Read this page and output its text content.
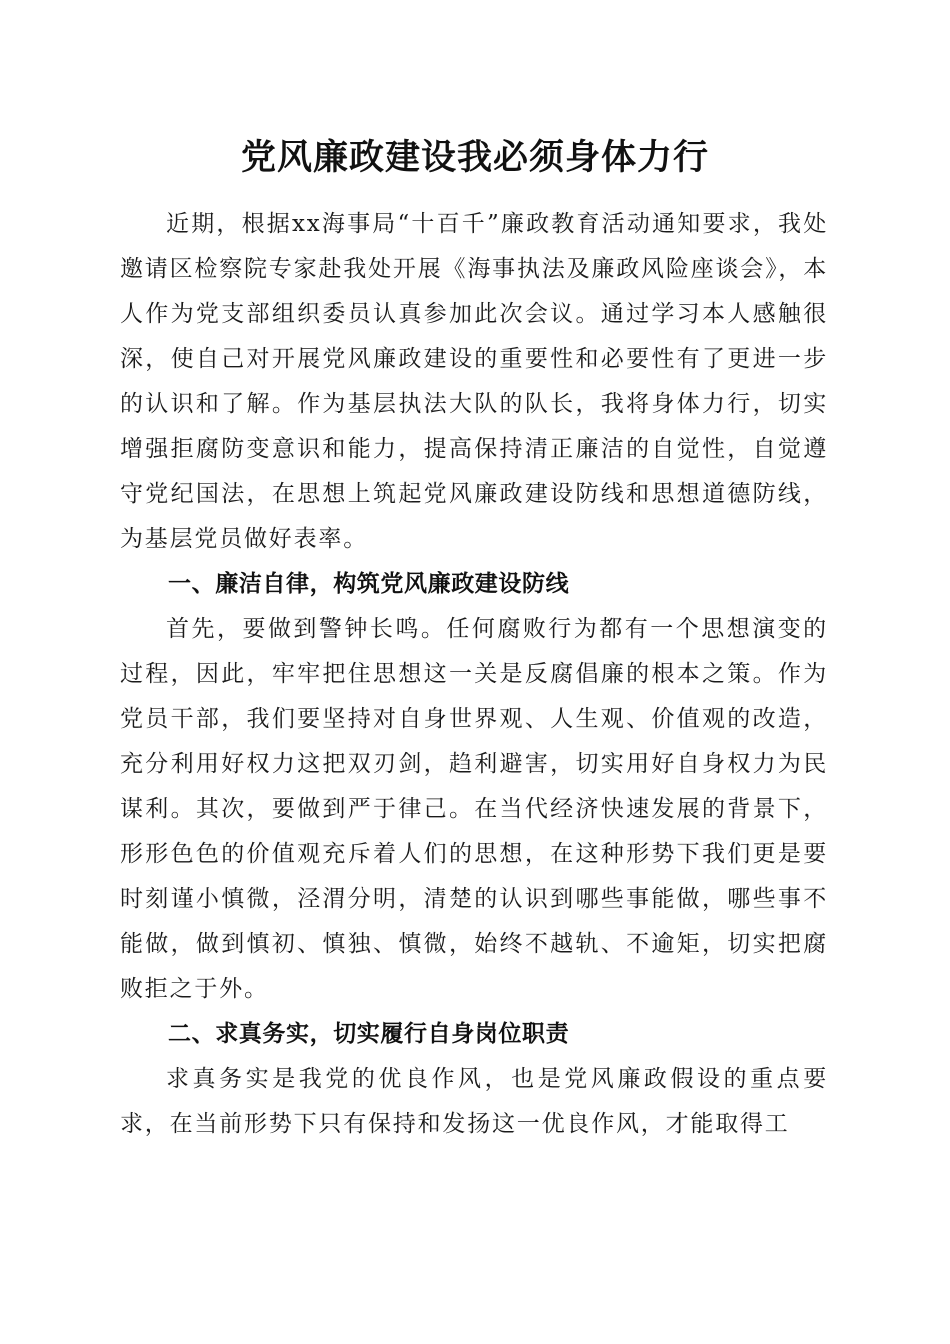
党风廉政建设我必须身体力行

近期，根据xx海事局“十百千”廉政教育活动通知要求，我处邀请区检察院专家赴我处开展《海事执法及廉政风险座谈会》，本人作为党支部组织委员认真参加此次会议。通过学习本人感触很深，使自己对开展党风廉政建设的重要性和必要性有了更进一步的认识和了解。作为基层执法大队的队长，我将身体力行，切实增强拒腐防变意识和能力，提高保持清正廉洁的自觉性，自觉遵守党纪国法，在思想上筑起党风廉政建设防线和思想道德防线，为基层党员做好表率。

一、廉洁自律，构筑党风廉政建设防线

首先，要做到警钟长鸣。任何腐败行为都有一个思想演变的过程，因此，牢牢把住思想这一关是反腐倡廉的根本之策。作为党员干部，我们要坚持对自身世界观、人生观、价值观的改造，充分利用好权力这把双刃剑，趋利避害，切实用好自身权力为民谋利。其次，要做到严于律己。在当代经济快速发展的背景下，形形色色的价值观充斥着人们的思想，在这种形势下我们更是要时刻谨小慎微，泾渭分明，清楚的认识到哪些事能做，哪些事不能做，做到慎初、慎独、慎微，始终不越轨、不逾矩，切实把腐败拒之于外。

二、求真务实，切实履行自身岗位职责

求真务实是我党的优良作风，也是党风廉政假设的重点要求，在当前形势下只有保持和发扬这一优良作风，才能取得工
